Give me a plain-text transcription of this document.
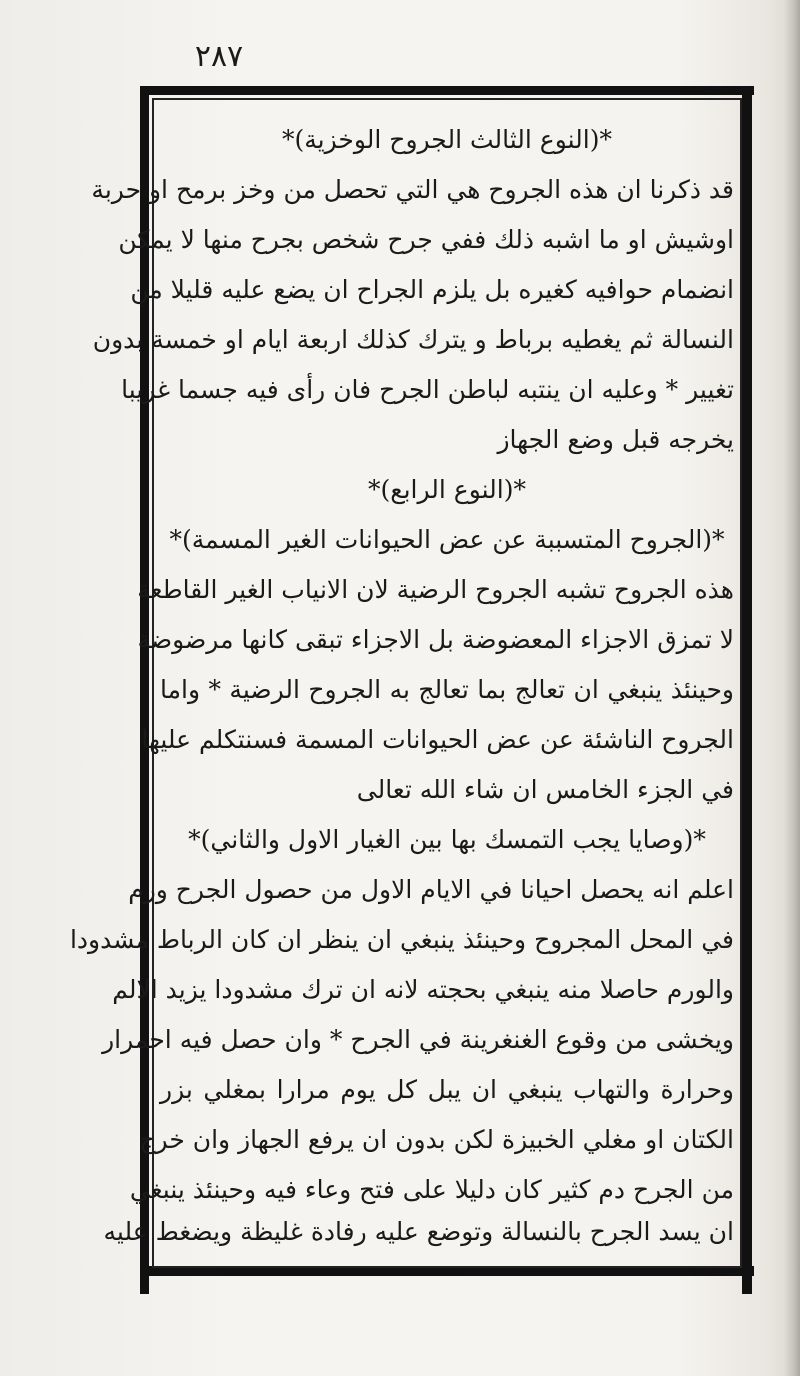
٢٨٧
*(النوع الثالث الجروح الوخزية)*
قد ذكرنا ان هذه الجروح هي التي تحصل من وخز برمح او حربة
اوشيش او ما اشبه ذلك ففي جرح شخص بجرح منها لا يمكن
انضمام حوافيه كغيره بل يلزم الجراح ان يضع عليه قليلا من
النسالة ثم يغطيه برباط و يترك كذلك اربعة ايام او خمسة بدون
تغيير * وعليه ان ينتبه لباطن الجرح فان رأى فيه جسما غريبا
يخرجه قبل وضع الجهاز
*(النوع الرابع)*
*(الجروح المتسببة عن عض الحيوانات الغير المسمة)*
هذه الجروح تشبه الجروح الرضية لان الانياب الغير القاطعة
لا تمزق الاجزاء المعضوضة بل الاجزاء تبقى كانها مرضوضة
وحينئذ ينبغي ان تعالج بما تعالج به الجروح الرضية * واما
الجروح الناشئة عن عض الحيوانات المسمة فسنتكلم عليها
في الجزء الخامس ان شاء الله تعالى
*(وصايا يجب التمسك بها بين الغيار الاول والثاني)*
اعلم انه يحصل احيانا في الايام الاول من حصول الجرح ورم
في المحل المجروح وحينئذ ينبغي ان ينظر ان كان الرباط مشدودا
والورم حاصلا منه ينبغي بحجته لانه ان ترك مشدودا يزيد الالم
ويخشى من وقوع الغنغرينة في الجرح * وان حصل فيه احمرار
وحرارة والتهاب ينبغي ان يبل كل يوم مرارا بمغلي بزر
الكتان او مغلي الخبيزة لكن بدون ان يرفع الجهاز وان خرج
من الجرح دم كثير كان دليلا على فتح وعاء فيه وحينئذ ينبغي
ان يسد الجرح بالنسالة وتوضع عليه رفادة غليظة ويضغط عليه
